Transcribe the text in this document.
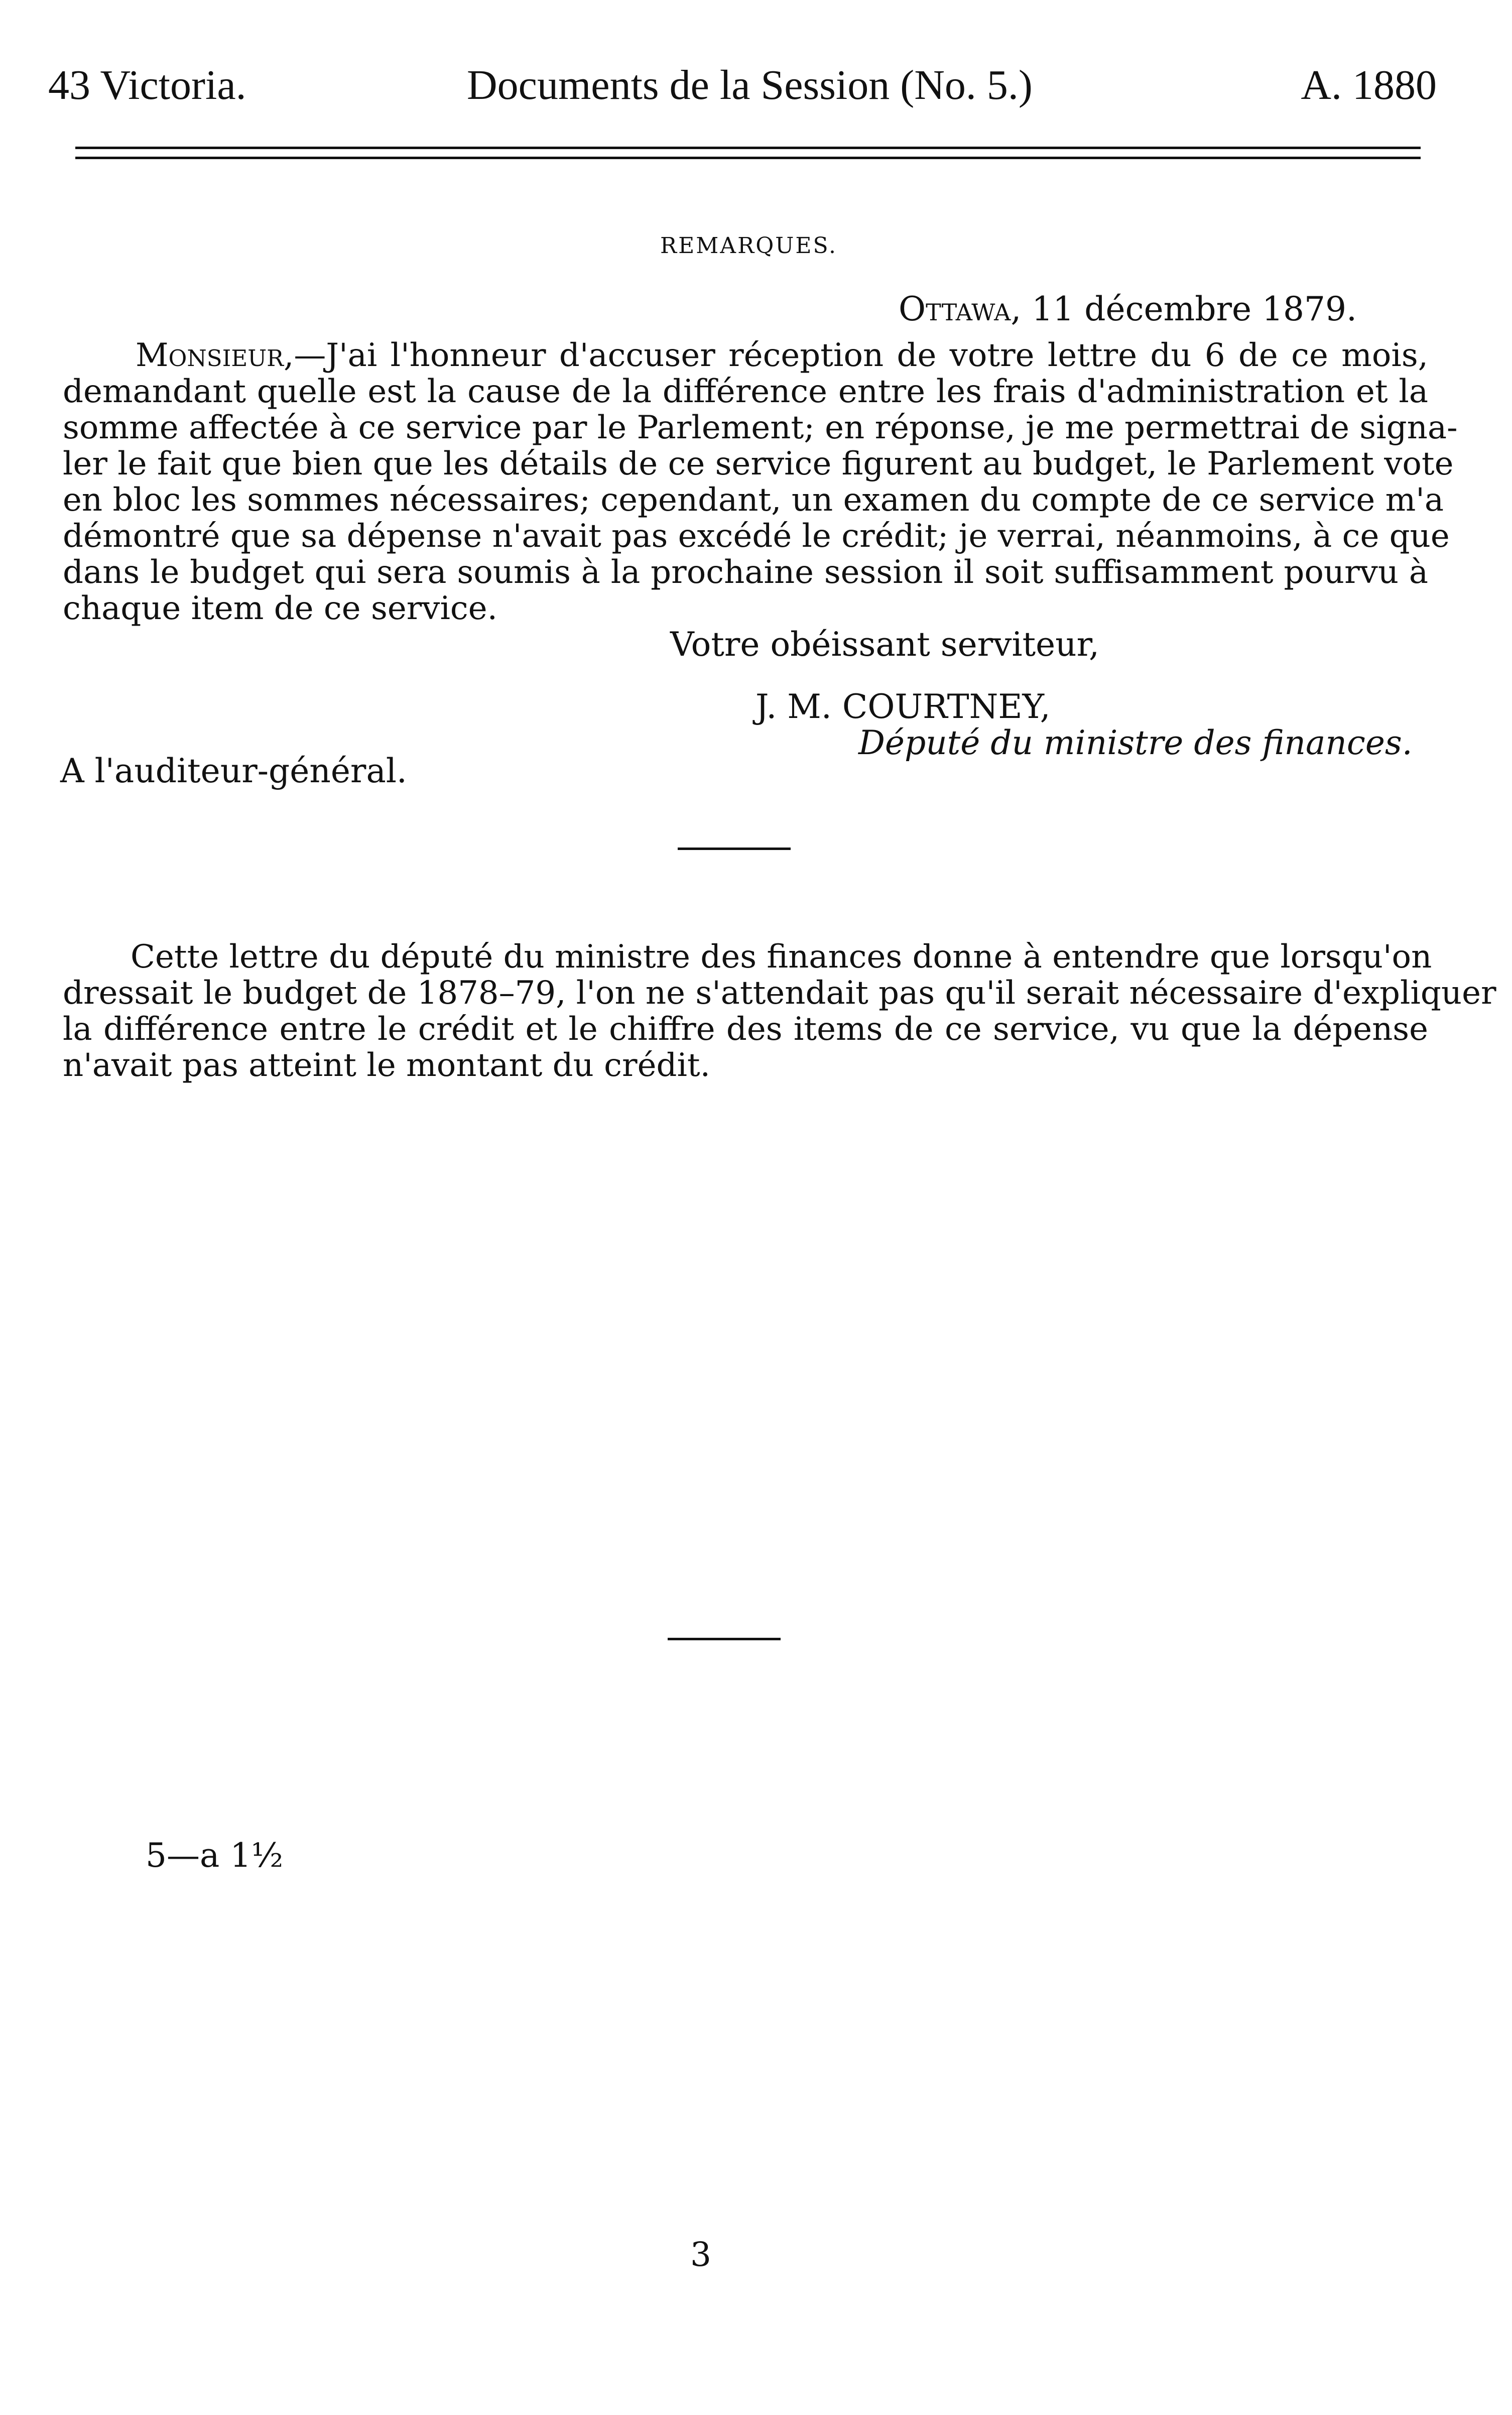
43 Victoria.	Documents de la Session (No. 5.)	A. 1880
REMARQUES.
Ottawa, 11 décembre 1879.
Monsieur,—J'ai l'honneur d'accuser réception de votre lettre du 6 de ce mois,
demandant quelle est la cause de la différence entre les frais d'administration et la
somme affectée à ce service par le Parlement; en réponse, je me permettrai de signa-
ler le fait que bien que les détails de ce service figurent au budget, le Parlement vote
en bloc les sommes nécessaires; cependant, un examen du compte de ce service m'a
démontré que sa dépense n'avait pas excédé le crédit; je verrai, néanmoins, à ce que
dans le budget qui sera soumis à la prochaine session il soit suffisamment pourvu à
chaque item de ce service.
Votre obéissant serviteur,
J. M. COURTNEY,
Député du ministre des finances.
A l'auditeur-général.
Cette lettre du député du ministre des finances donne à entendre que lorsqu'on
dressait le budget de 1878–79, l'on ne s'attendait pas qu'il serait nécessaire d'expliquer
la différence entre le crédit et le chiffre des items de ce service, vu que la dépense
n'avait pas atteint le montant du crédit.
5—a 1½
3
